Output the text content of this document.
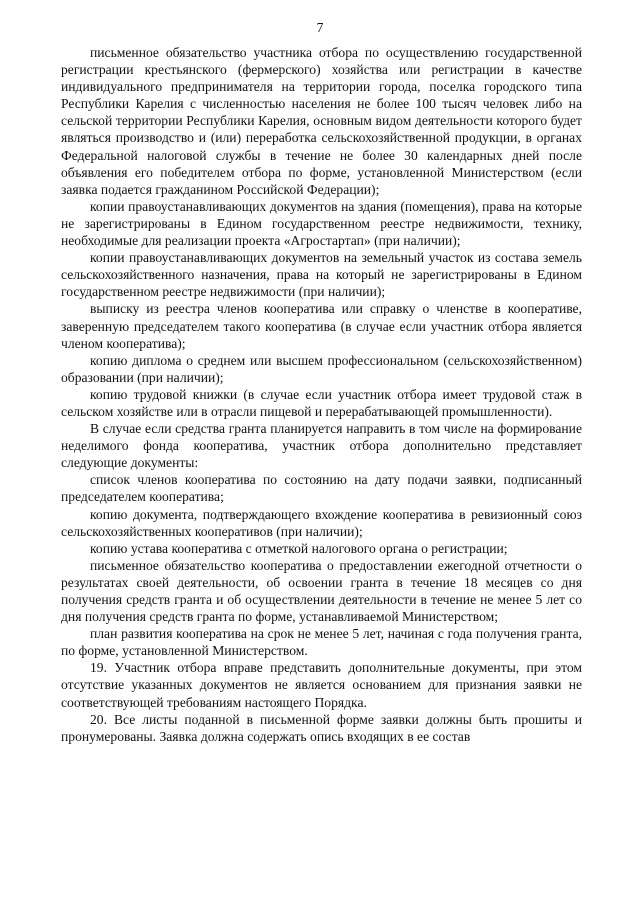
7

письменное обязательство участника отбора по осуществлению государственной регистрации крестьянского (фермерского) хозяйства или регистрации в качестве индивидуального предпринимателя на территории города, поселка городского типа Республики Карелия с численностью населения не более 100 тысяч человек либо на сельской территории Республики Карелия, основным видом деятельности которого будет являться производство и (или) переработка сельскохозяйственной продукции, в органах Федеральной налоговой службы в течение не более 30 календарных дней после объявления его победителем отбора по форме, установленной Министерством (если заявка подается гражданином Российской Федерации);

копии правоустанавливающих документов на здания (помещения), права на которые не зарегистрированы в Едином государственном реестре недвижимости, технику, необходимые для реализации проекта «Агростартап» (при наличии);

копии правоустанавливающих документов на земельный участок из состава земель сельскохозяйственного назначения, права на который не зарегистрированы в Едином государственном реестре недвижимости (при наличии);

выписку из реестра членов кооператива или справку о членстве в кооперативе, заверенную председателем такого кооператива (в случае если участник отбора является членом кооператива);

копию диплома о среднем или высшем профессиональном (сельскохозяйственном) образовании (при наличии);

копию трудовой книжки (в случае если участник отбора имеет трудовой стаж в сельском хозяйстве или в отрасли пищевой и перерабатывающей промышленности).

В случае если средства гранта планируется направить в том числе на формирование неделимого фонда кооператива, участник отбора дополнительно представляет следующие документы:

список членов кооператива по состоянию на дату подачи заявки, подписанный председателем кооператива;

копию документа, подтверждающего вхождение кооператива в ревизионный союз сельскохозяйственных кооперативов (при наличии);

копию устава кооператива с отметкой налогового органа о регистрации;

письменное обязательство кооператива о предоставлении ежегодной отчетности о результатах своей деятельности, об освоении гранта в течение 18 месяцев со дня получения средств гранта и об осуществлении деятельности в течение не менее 5 лет со дня получения средств гранта по форме, устанавливаемой Министерством;

план развития кооператива на срок не менее 5 лет, начиная с года получения гранта, по форме, установленной Министерством.

19. Участник отбора вправе представить дополнительные документы, при этом отсутствие указанных документов не является основанием для признания заявки не соответствующей требованиям настоящего Порядка.

20. Все листы поданной в письменной форме заявки должны быть прошиты и пронумерованы. Заявка должна содержать опись входящих в ее состав
